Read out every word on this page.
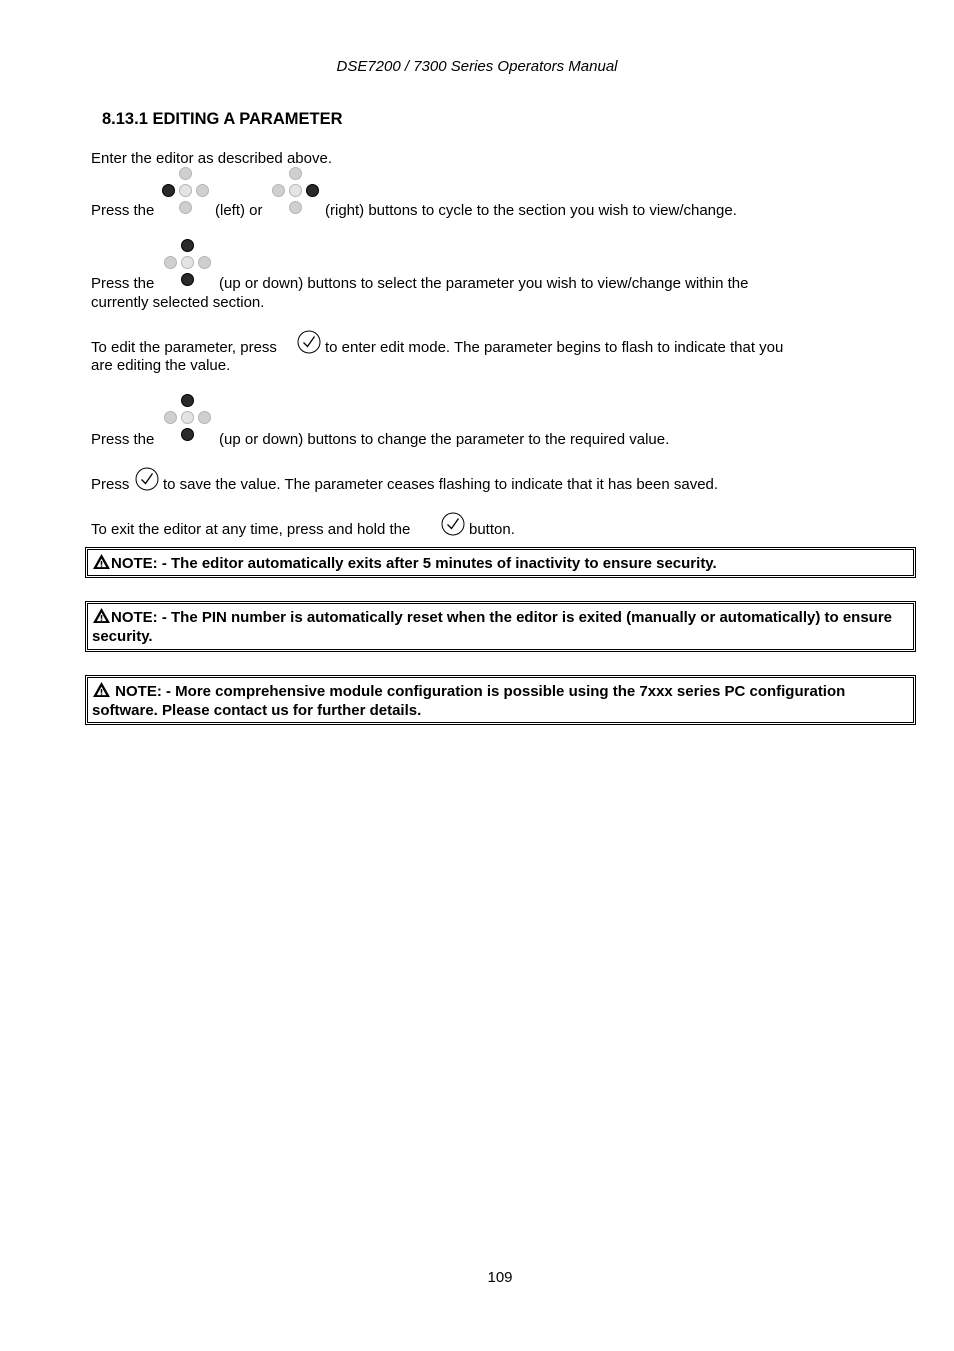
DSE7200 / 7300 Series Operators Manual
8.13.1 EDITING A PARAMETER
Enter the editor as described above.
Press the	(left) or	(right) buttons to cycle to the section you wish to view/change.
Press the	(up or down) buttons to select the parameter you wish to view/change within the
currently selected section.
To edit the parameter, press	to enter edit mode. The parameter begins to flash to indicate that you
are editing the value.
Press the	(up or down) buttons to change the parameter to the required value.
Press to save the value. The parameter ceases flashing to indicate that it has been saved.
To exit the editor at any time, press and hold the	button.
NOTE: - The editor automatically exits after 5 minutes of inactivity to ensure security.
NOTE: - The PIN number is automatically reset when the editor is exited (manually or automatically) to ensure security.
NOTE: - More comprehensive module configuration is possible using the 7xxx series PC configuration software. Please contact us for further details.
109
